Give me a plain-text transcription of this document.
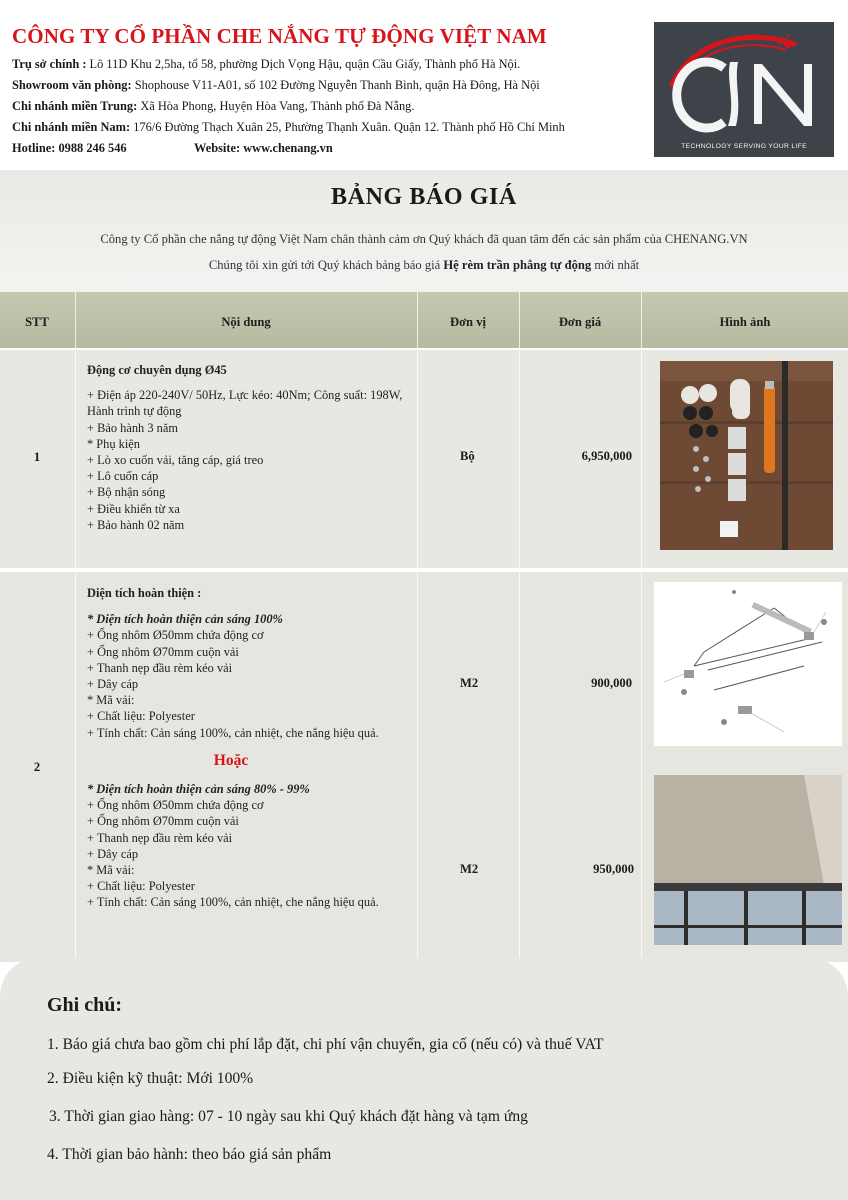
CÔNG TY CỔ PHẦN CHE NẮNG TỰ ĐỘNG VIỆT NAM
Trụ sở chính : Lô 11D Khu 2,5ha, tổ 58, phường Dịch Vọng Hậu, quận Cầu Giấy, Thành phố Hà Nội.
Showroom văn phòng: Shophouse V11-A01, số 102 Đường Nguyễn Thanh Bình, quận Hà Đông, Hà Nội
Chi nhánh miền Trung: Xã Hòa Phong, Huyện Hòa Vang, Thành phố Đà Nẵng.
Chi nhánh miền Nam: 176/6 Đường Thạch Xuân 25, Phường Thạnh Xuân. Quận 12. Thành phố Hồ Chí Minh
Hotline: 0988 246 546	Website: www.chenang.vn	TECHNOLOGY SERVING YOUR LIFE
BẢNG BÁO GIÁ
Công ty Cổ phần che nắng tự động Việt Nam chân thành cảm ơn Quý khách đã quan tâm đến các sản phẩm của CHENANG.VN
Chúng tôi xin gửi tới Quý khách bảng báo giá Hệ rèm trần phẳng tự động mới nhất
STT	Nội dung	Đơn vị	Đơn giá	Hình ảnh
1
Động cơ chuyên dụng Ø45
+ Điện áp 220-240V/ 50Hz, Lực kéo: 40Nm; Công suất: 198W, Hành trình tự động
+ Bảo hành 3 năm
* Phụ kiện
+ Lò xo cuốn vải, tăng cáp, giá treo
+ Lô cuốn cáp
+ Bộ nhận sóng
+ Điều khiển từ xa
+ Bảo hành 02 năm
Bộ	6,950,000
2
Diện tích hoàn thiện :
* Diện tích hoàn thiện cản sáng 100%
+ Ống nhôm Ø50mm chứa động cơ
+ Ống nhôm Ø70mm cuộn vải
+ Thanh nẹp đầu rèm kéo vải
+ Dây cáp
* Mã vải:
+ Chất liệu: Polyester
+ Tính chất: Cản sáng 100%, cản nhiệt, che nắng hiệu quả.
Hoặc
* Diện tích hoàn thiện cản sáng 80% - 99%
+ Ống nhôm Ø50mm chứa động cơ
+ Ống nhôm Ø70mm cuộn vải
+ Thanh nẹp đầu rèm kéo vải
+ Dây cáp
* Mã vải:
+ Chất liệu: Polyester
+ Tính chất: Cản sáng 100%, cản nhiệt, che nắng hiệu quả.
M2	900,000
M2	950,000
Ghi chú:
1. Báo giá chưa bao gồm chi phí lắp đặt, chi phí vận chuyển, gia cố (nếu có) và thuế VAT
2. Điều kiện kỹ thuật: Mới 100%
3. Thời gian giao hàng: 07 - 10 ngày sau khi Quý khách đặt hàng và tạm ứng
4. Thời gian bảo hành: theo báo giá sản phẩm
